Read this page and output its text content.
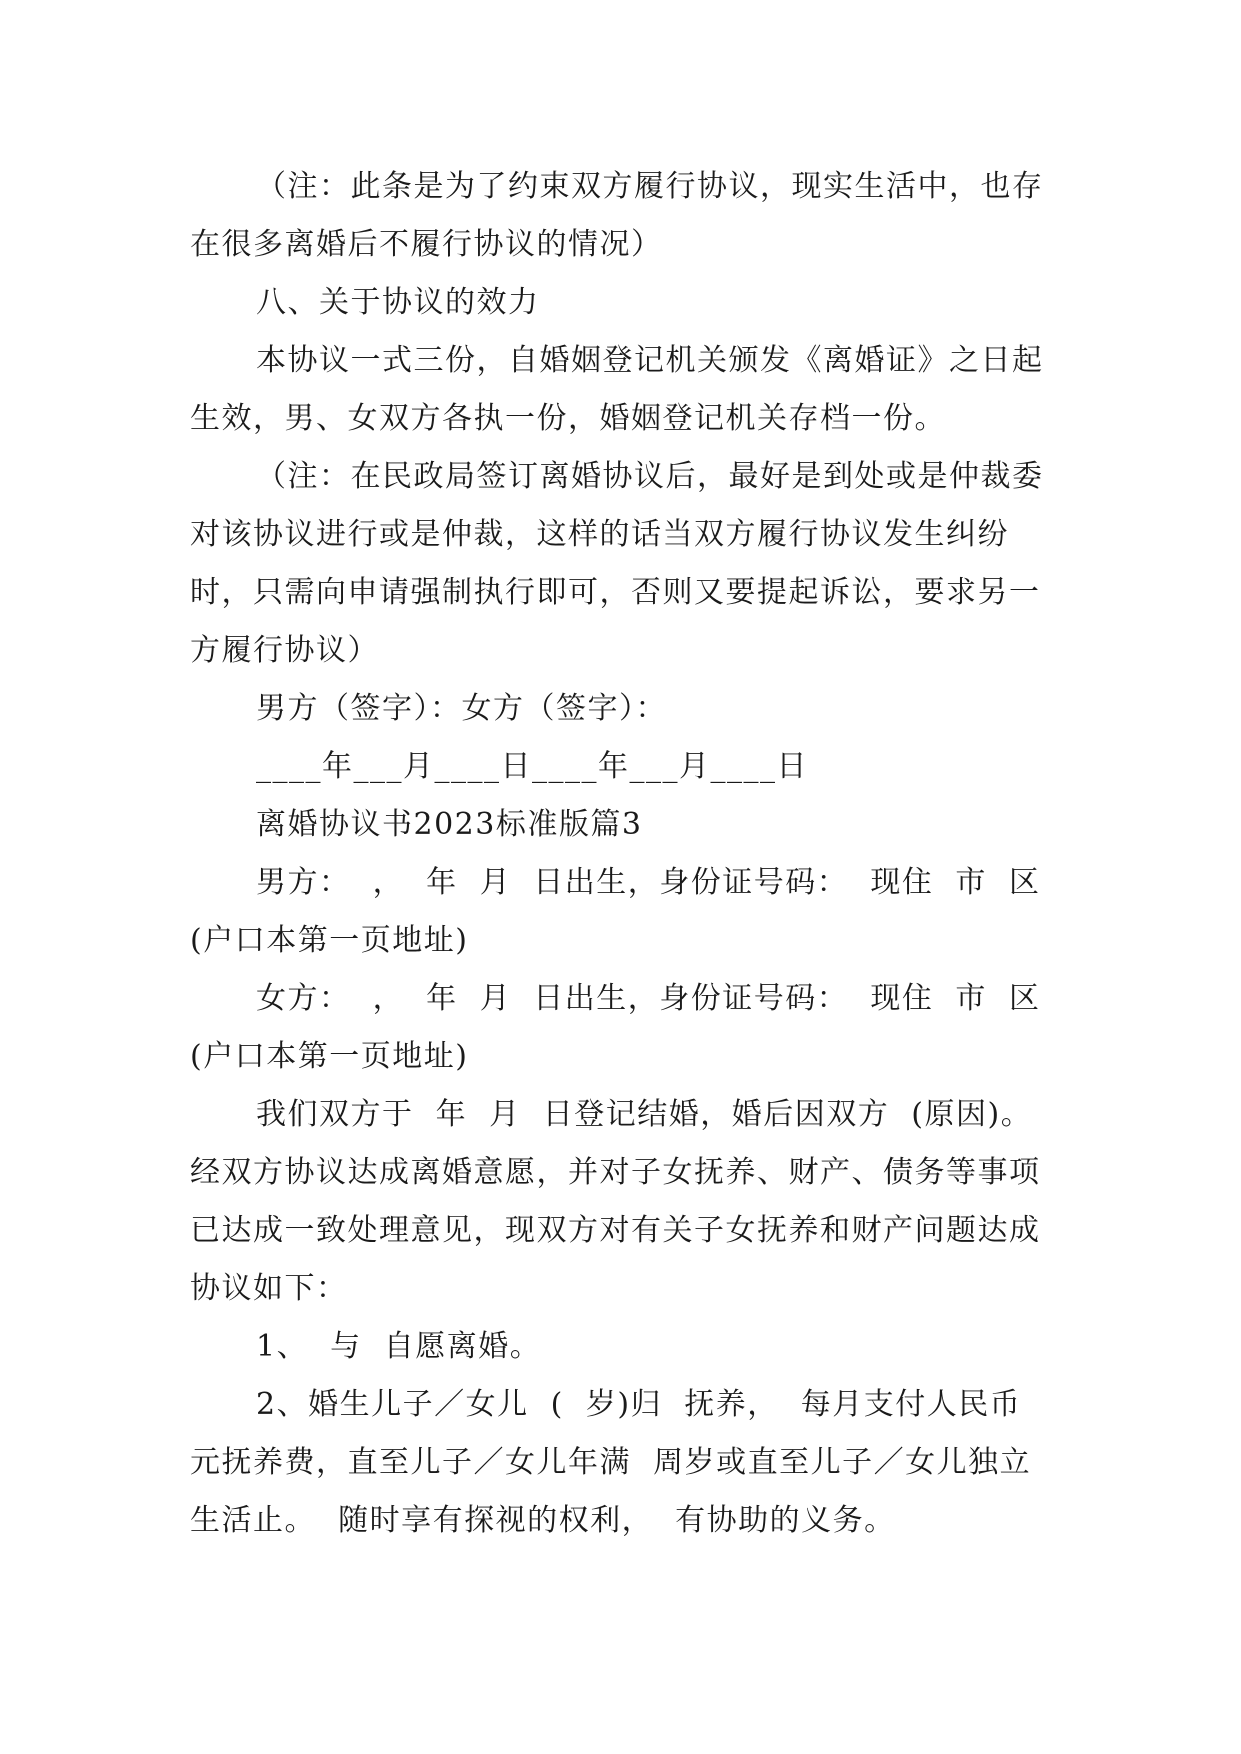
（注：此条是为了约束双方履行协议，现实生活中，也存在很多离婚后不履行协议的情况）

八、关于协议的效力

本协议一式三份，自婚姻登记机关颁发《离婚证》之日起生效，男、女双方各执一份，婚姻登记机关存档一份。

（注：在民政局签订离婚协议后，最好是到处或是仲裁委对该协议进行或是仲裁，这样的话当双方履行协议发生纠纷时，只需向申请强制执行即可，否则又要提起诉讼，要求另一方履行协议）

男方（签字）：女方（签字）：

____年___月____日____年___月____日

离婚协议书2023标准版篇3

男方：  ，  年  月  日出生，身份证号码：  现住  市  区(户口本第一页地址)

女方：  ，  年  月  日出生，身份证号码：  现住  市  区(户口本第一页地址)

我们双方于  年  月  日登记结婚，婚后因双方  (原因)。经双方协议达成离婚意愿，并对子女抚养、财产、债务等事项已达成一致处理意见，现双方对有关子女抚养和财产问题达成协议如下：

1、  与  自愿离婚。

2、婚生儿子／女儿  (  岁)归  抚养，  每月支付人民币  元抚养费，直至儿子／女儿年满  周岁或直至儿子／女儿独立生活止。  随时享有探视的权利，  有协助的义务。
